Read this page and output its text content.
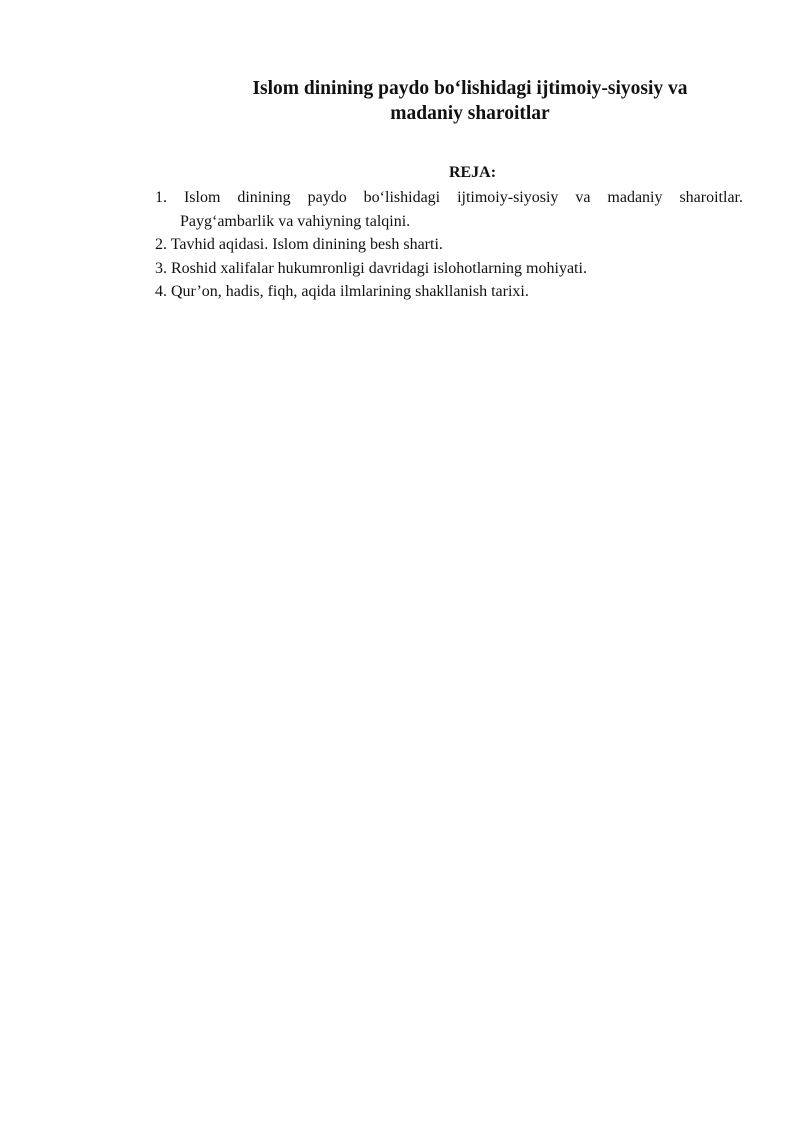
Islom dinining paydo bo‘lishidagi ijtimoiy-siyosiy va
madaniy sharoitlar
REJA:
1. Islom dinining paydo bo‘lishidagi ijtimoiy-siyosiy va madaniy sharoitlar.
Payg‘ambarlik va vahiyning talqini.
2. Tavhid aqidasi. Islom dinining besh sharti.
3. Roshid xalifalar hukumronligi davridagi islohotlarning mohiyati.
4. Qur’on, hadis, fiqh, aqida ilmlarining shakllanish tarixi.
